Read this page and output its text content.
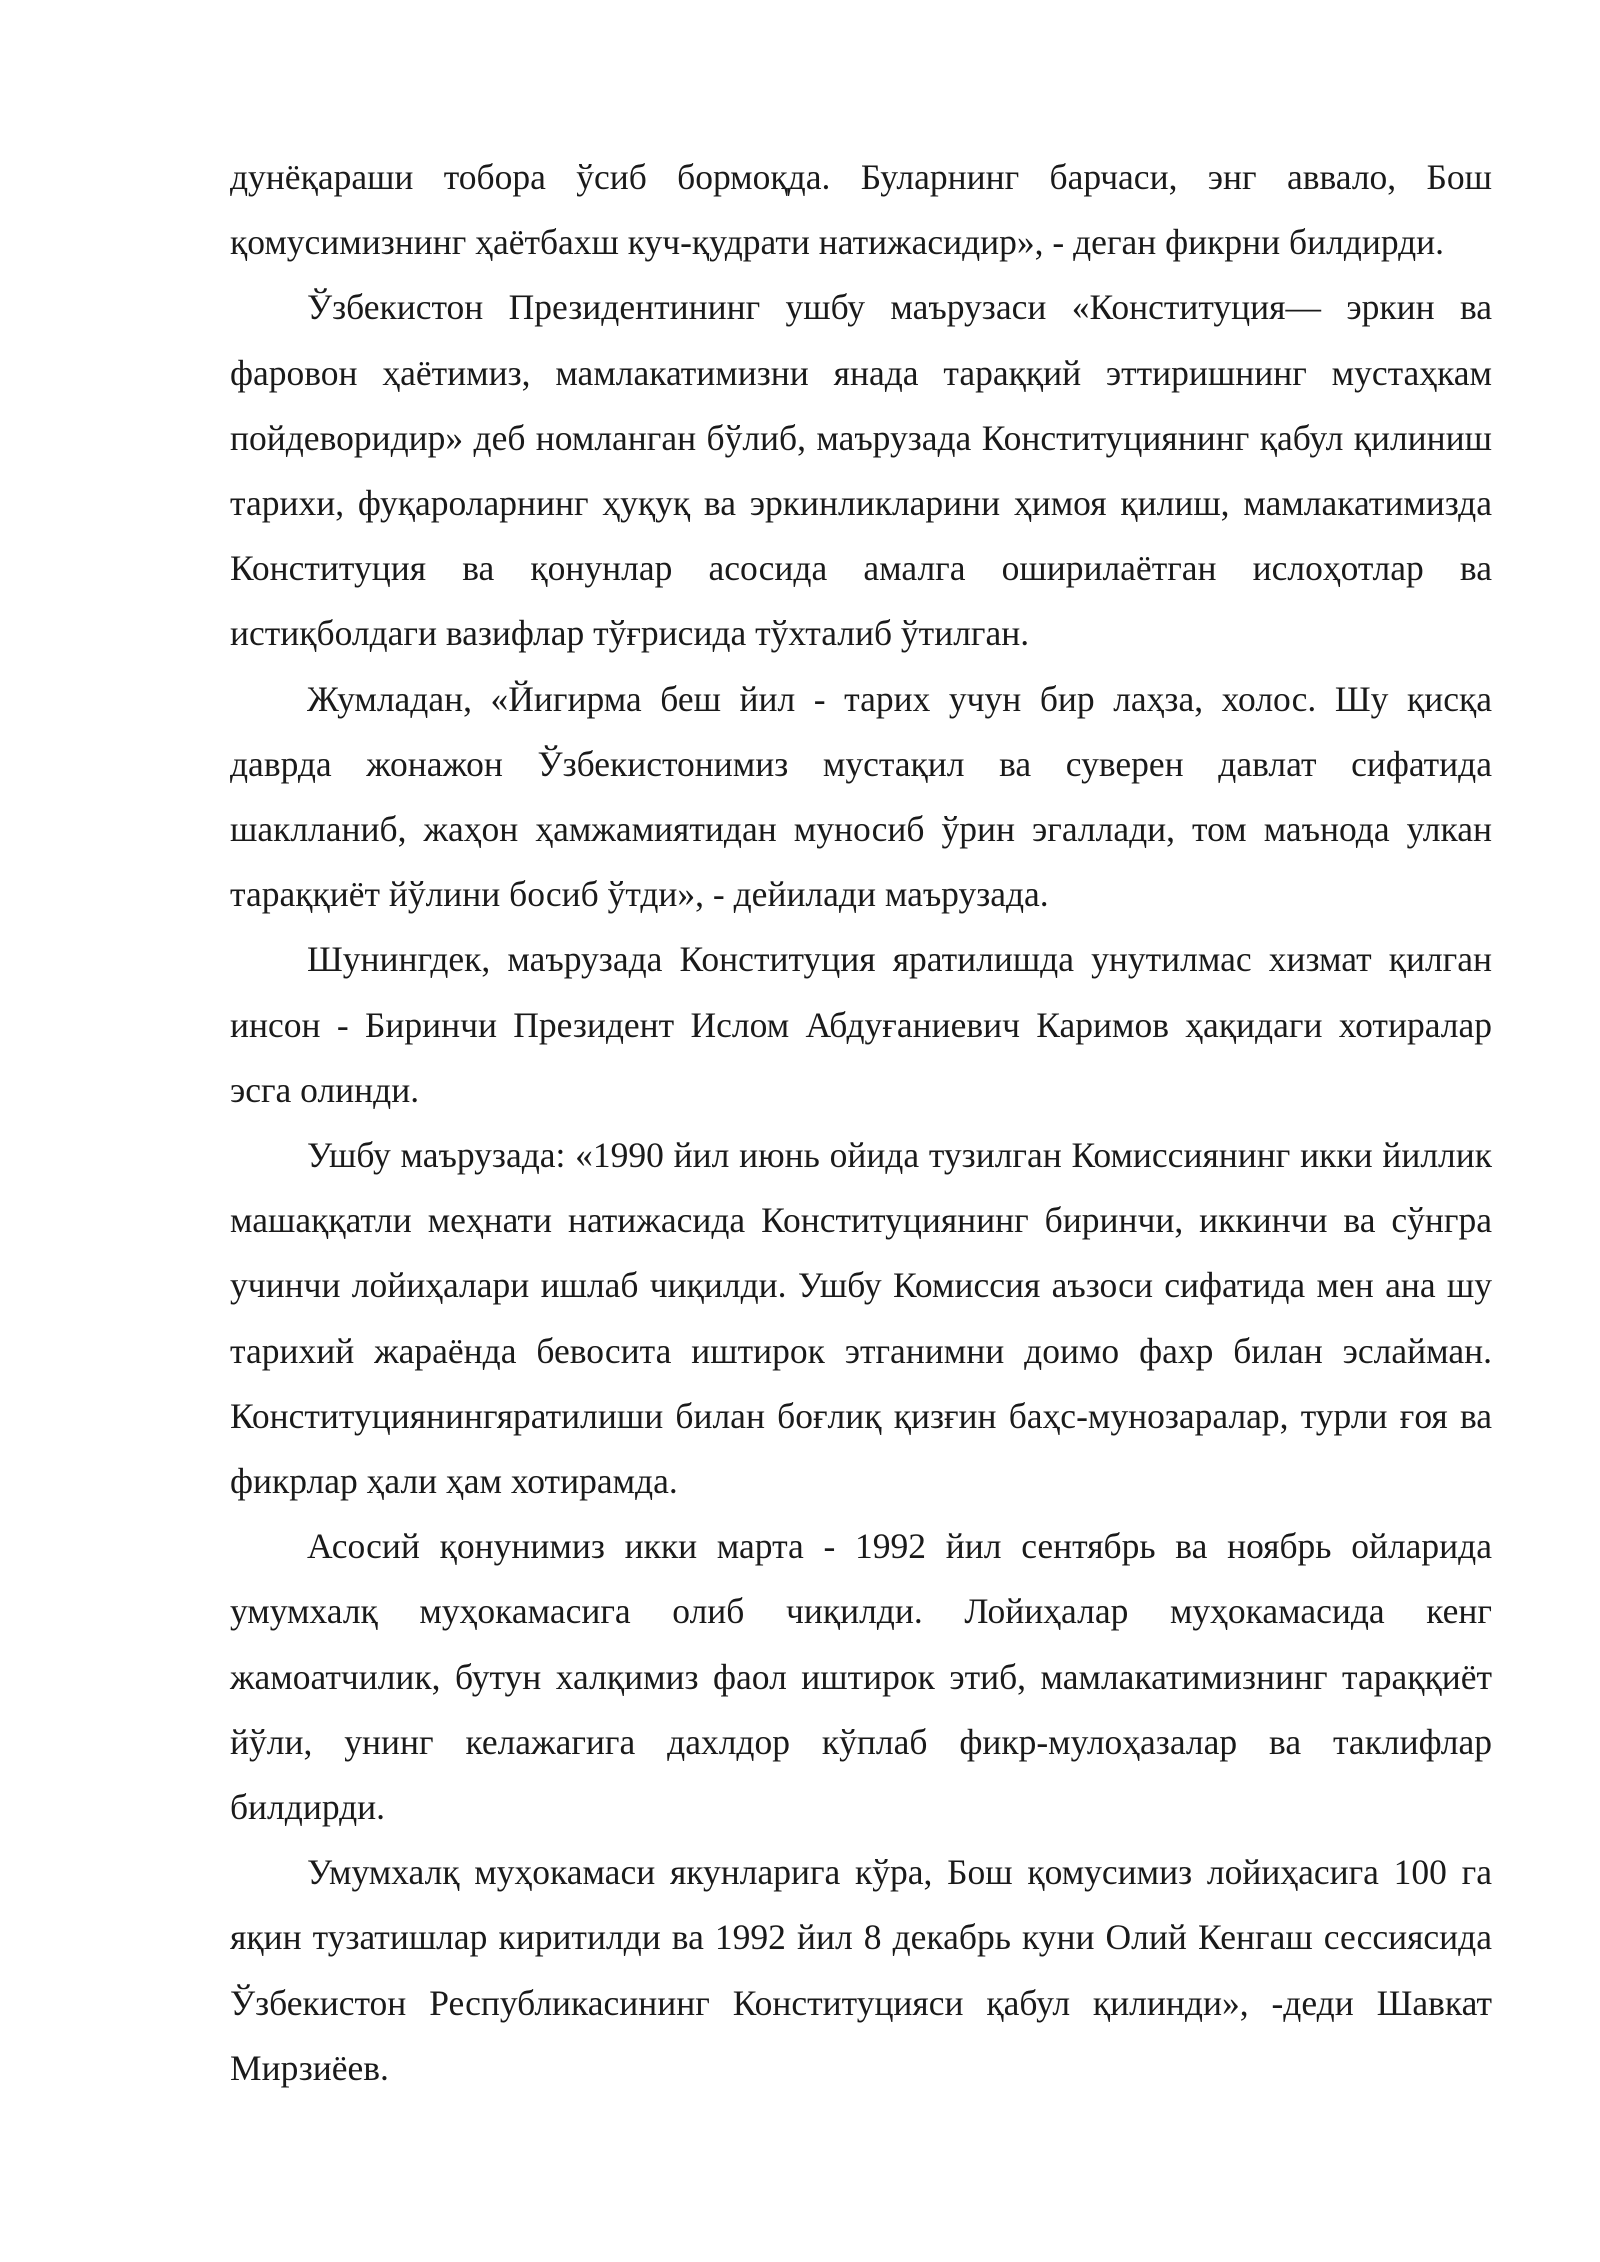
дунёқараши тобора ўсиб бормоқда. Буларнинг барчаси, энг аввало, Бош қомусимизнинг ҳаётбахш куч-қудрати натижасидир», - деган фикрни билдирди.

Ўзбекистон Президентининг ушбу маърузаси «Конституция— эркин ва фаровон ҳаётимиз, мамлакатимизни янада тараққий эттиришнинг мустаҳкам пойдеворидир» деб номланган бўлиб, маърузада Конституциянинг қабул қилиниш тарихи, фуқароларнинг ҳуқуқ ва эркинликларини ҳимоя қилиш, мамлакатимизда Конституция ва қонунлар асосида амалга оширилаётган ислоҳотлар ва истиқболдаги вазифлар тўғрисида тўхталиб ўтилган.

Жумладан, «Йигирма беш йил - тарих учун бир лаҳза, холос. Шу қисқа даврда жонажон Ўзбекистонимиз мустақил ва суверен давлат сифатида шаклланиб, жаҳон ҳамжамиятидан муносиб ўрин эгаллади, том маънода улкан тараққиёт йўлини босиб ўтди», - дейилади маърузада.

Шунингдек, маърузада Конституция яратилишда унутилмас хизмат қилган инсон - Биринчи Президент Ислом Абдуғаниевич Каримов ҳақидаги хотиралар эсга олинди.

Ушбу маърузада: «1990 йил июнь ойида тузилган Комиссиянинг икки йиллик машаққатли меҳнати натижасида Конституциянинг биринчи, иккинчи ва сўнгра учинчи лойиҳалари ишлаб чиқилди. Ушбу Комиссия аъзоси сифатида мен ана шу тарихий жараёнда бевосита иштирок этганимни доимо фахр билан эслайман. Конституциянингяратилиши билан боғлиқ қизғин баҳс-мунозаралар, турли ғоя ва фикрлар ҳали ҳам хотирамда.

Асосий қонунимиз икки марта - 1992 йил сентябрь ва ноябрь ойларида умумхалқ муҳокамасига олиб чиқилди. Лойиҳалар муҳокамасида кенг жамоатчилик, бутун халқимиз фаол иштирок этиб, мамлакатимизнинг тараққиёт йўли, унинг келажагига дахлдор кўплаб фикр-мулоҳазалар ва таклифлар билдирди.

Умумхалқ муҳокамаси якунларига кўра, Бош қомусимиз лойиҳасига 100 га яқин тузатишлар киритилди ва 1992 йил 8 декабрь куни Олий Кенгаш сессиясида Ўзбекистон Республикасининг Конституцияси қабул қилинди», -деди Шавкат Мирзиёев.
